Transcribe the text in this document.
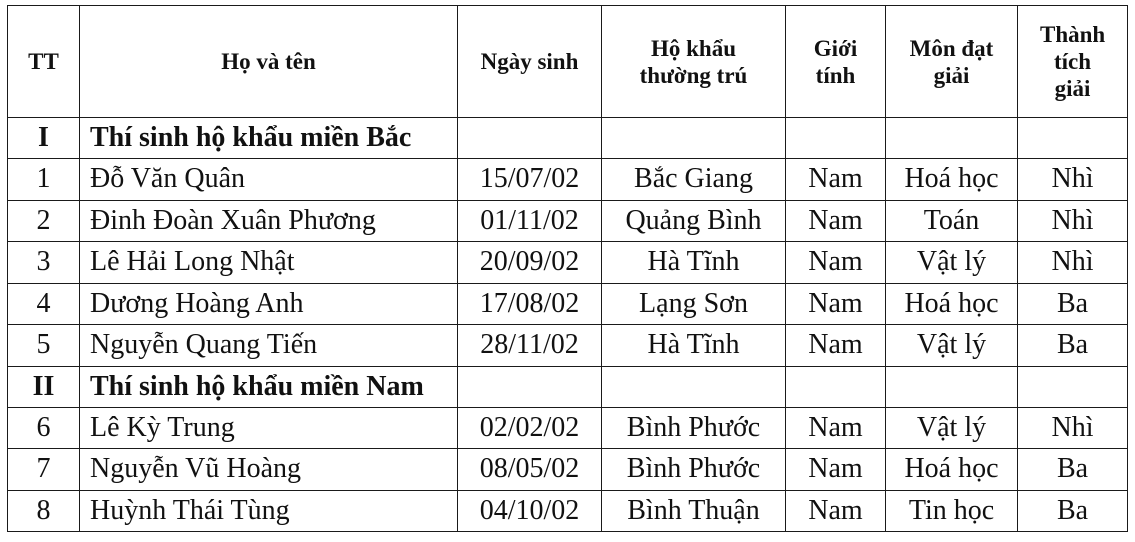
TT	Họ và tên	Ngày sinh	Hộ khẩu thường trú	Giới tính	Môn đạt giải	Thành tích giải
I	Thí sinh hộ khẩu miền Bắc					
1	Đỗ Văn Quân	15/07/02	Bắc Giang	Nam	Hoá học	Nhì
2	Đinh Đoàn Xuân Phương	01/11/02	Quảng Bình	Nam	Toán	Nhì
3	Lê Hải Long Nhật	20/09/02	Hà Tĩnh	Nam	Vật lý	Nhì
4	Dương Hoàng Anh	17/08/02	Lạng Sơn	Nam	Hoá học	Ba
5	Nguyễn Quang Tiến	28/11/02	Hà Tĩnh	Nam	Vật lý	Ba
II	Thí sinh hộ khẩu miền Nam					
6	Lê Kỳ Trung	02/02/02	Bình Phước	Nam	Vật lý	Nhì
7	Nguyễn Vũ Hoàng	08/05/02	Bình Phước	Nam	Hoá học	Ba
8	Huỳnh Thái Tùng	04/10/02	Bình Thuận	Nam	Tin học	Ba
